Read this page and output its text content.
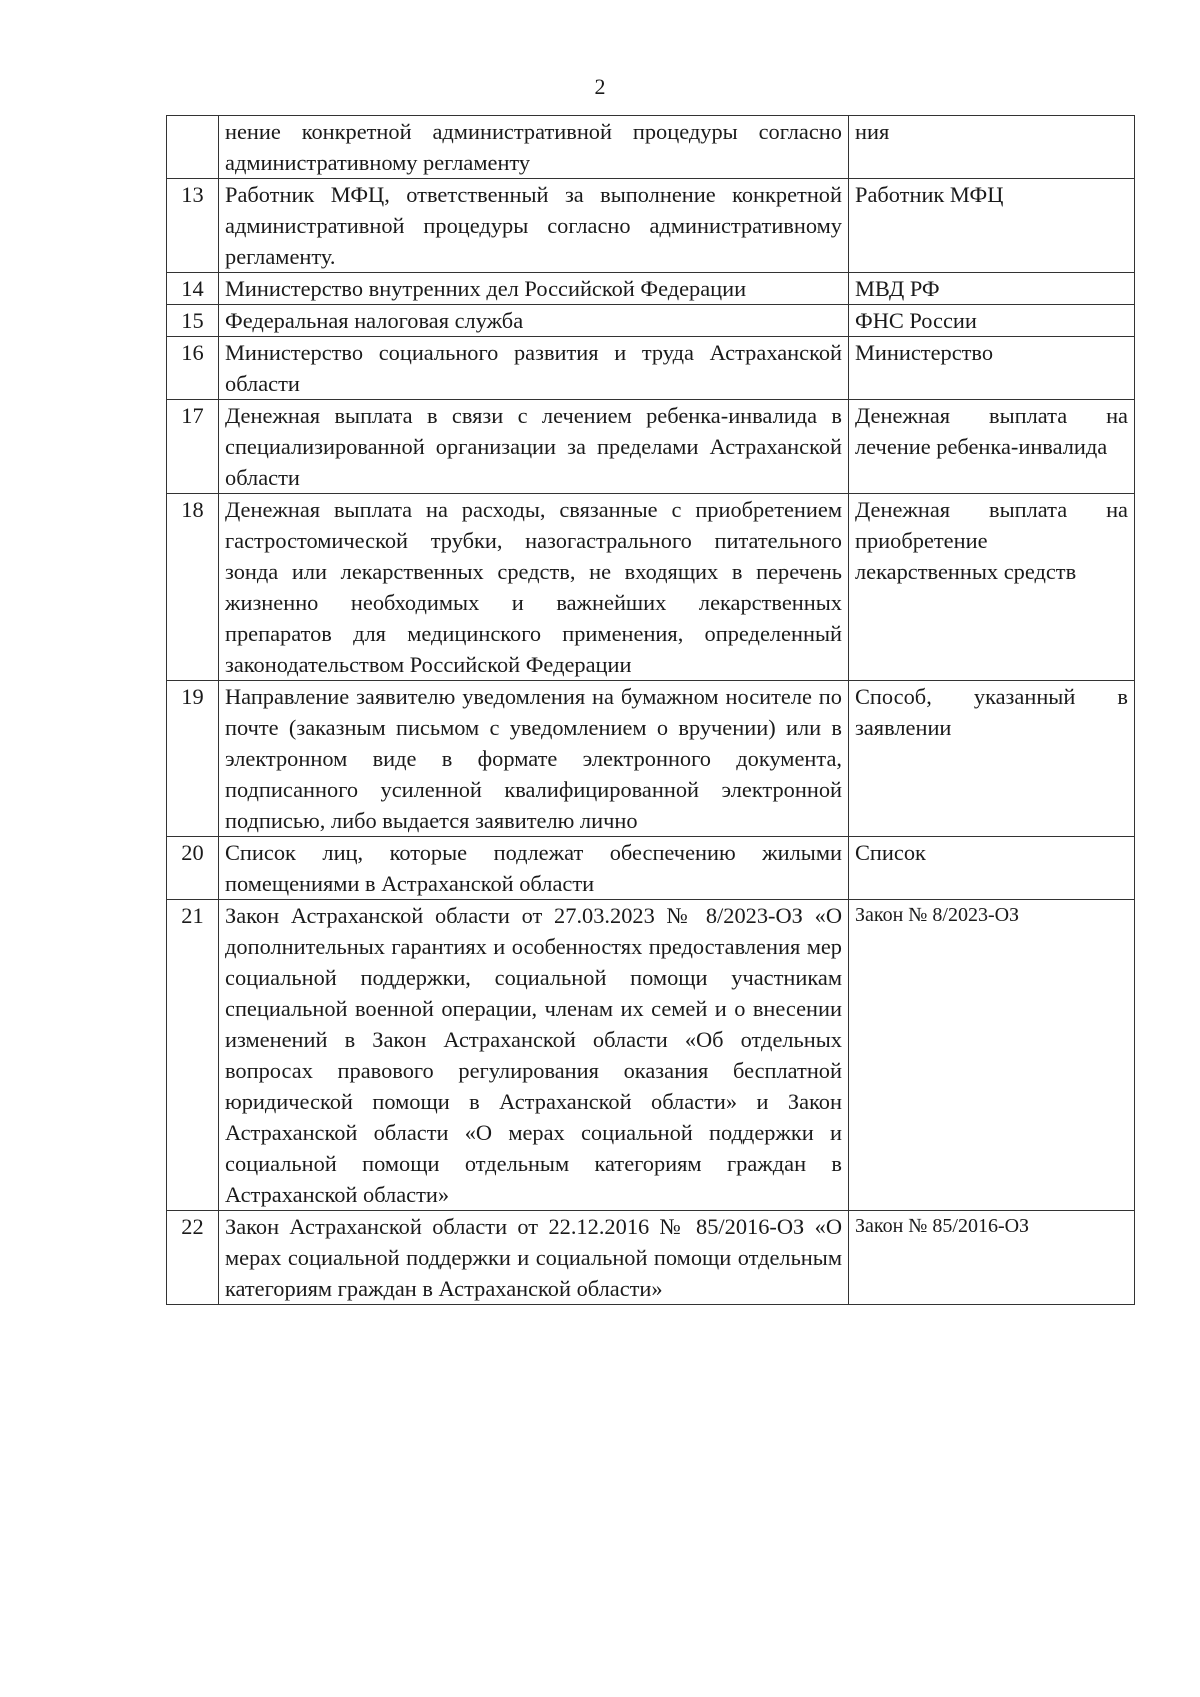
2
	нение конкретной административной процедуры согласно административному регламенту	ния
13	Работник МФЦ, ответственный за выполнение конкретной административной процедуры согласно административному регламенту.	Работник МФЦ
14	Министерство внутренних дел Российской Федерации	МВД РФ
15	Федеральная налоговая служба	ФНС России
16	Министерство социального развития и труда Астраханской области	Министерство
17	Денежная выплата в связи с лечением ребенка-инвалида в специализированной организации за пределами Астраханской области	Денежная выплата на лечение ребенка-инвалида
18	Денежная выплата на расходы, связанные с приобретением гастростомической трубки, назогастрального питательного зонда или лекарственных средств, не входящих в перечень жизненно необходимых и важнейших лекарственных препаратов для медицинского применения, определенный законодательством Российской Федерации	Денежная выплата на приобретение лекарственных средств
19	Направление заявителю уведомления на бумажном носителе по почте (заказным письмом с уведомлением о вручении) или в электронном виде в формате электронного документа, подписанного усиленной квалифицированной электронной подписью, либо выдается заявителю лично	Способ, указанный в заявлении
20	Список лиц, которые подлежат обеспечению жилыми помещениями в Астраханской области	Список
21	Закон Астраханской области от 27.03.2023 № 8/2023-ОЗ «О дополнительных гарантиях и особенностях предоставления мер социальной поддержки, социальной помощи участникам специальной военной операции, членам их семей и о внесении изменений в Закон Астраханской области «Об отдельных вопросах правового регулирования оказания бесплатной юридической помощи в Астраханской области» и Закон Астраханской области «О мерах социальной поддержки и социальной помощи отдельным категориям граждан в Астраханской области»	Закон № 8/2023-ОЗ
22	Закон Астраханской области от 22.12.2016 № 85/2016-ОЗ «О мерах социальной поддержки и социальной помощи отдельным категориям граждан в Астраханской области»	Закон № 85/2016-ОЗ
